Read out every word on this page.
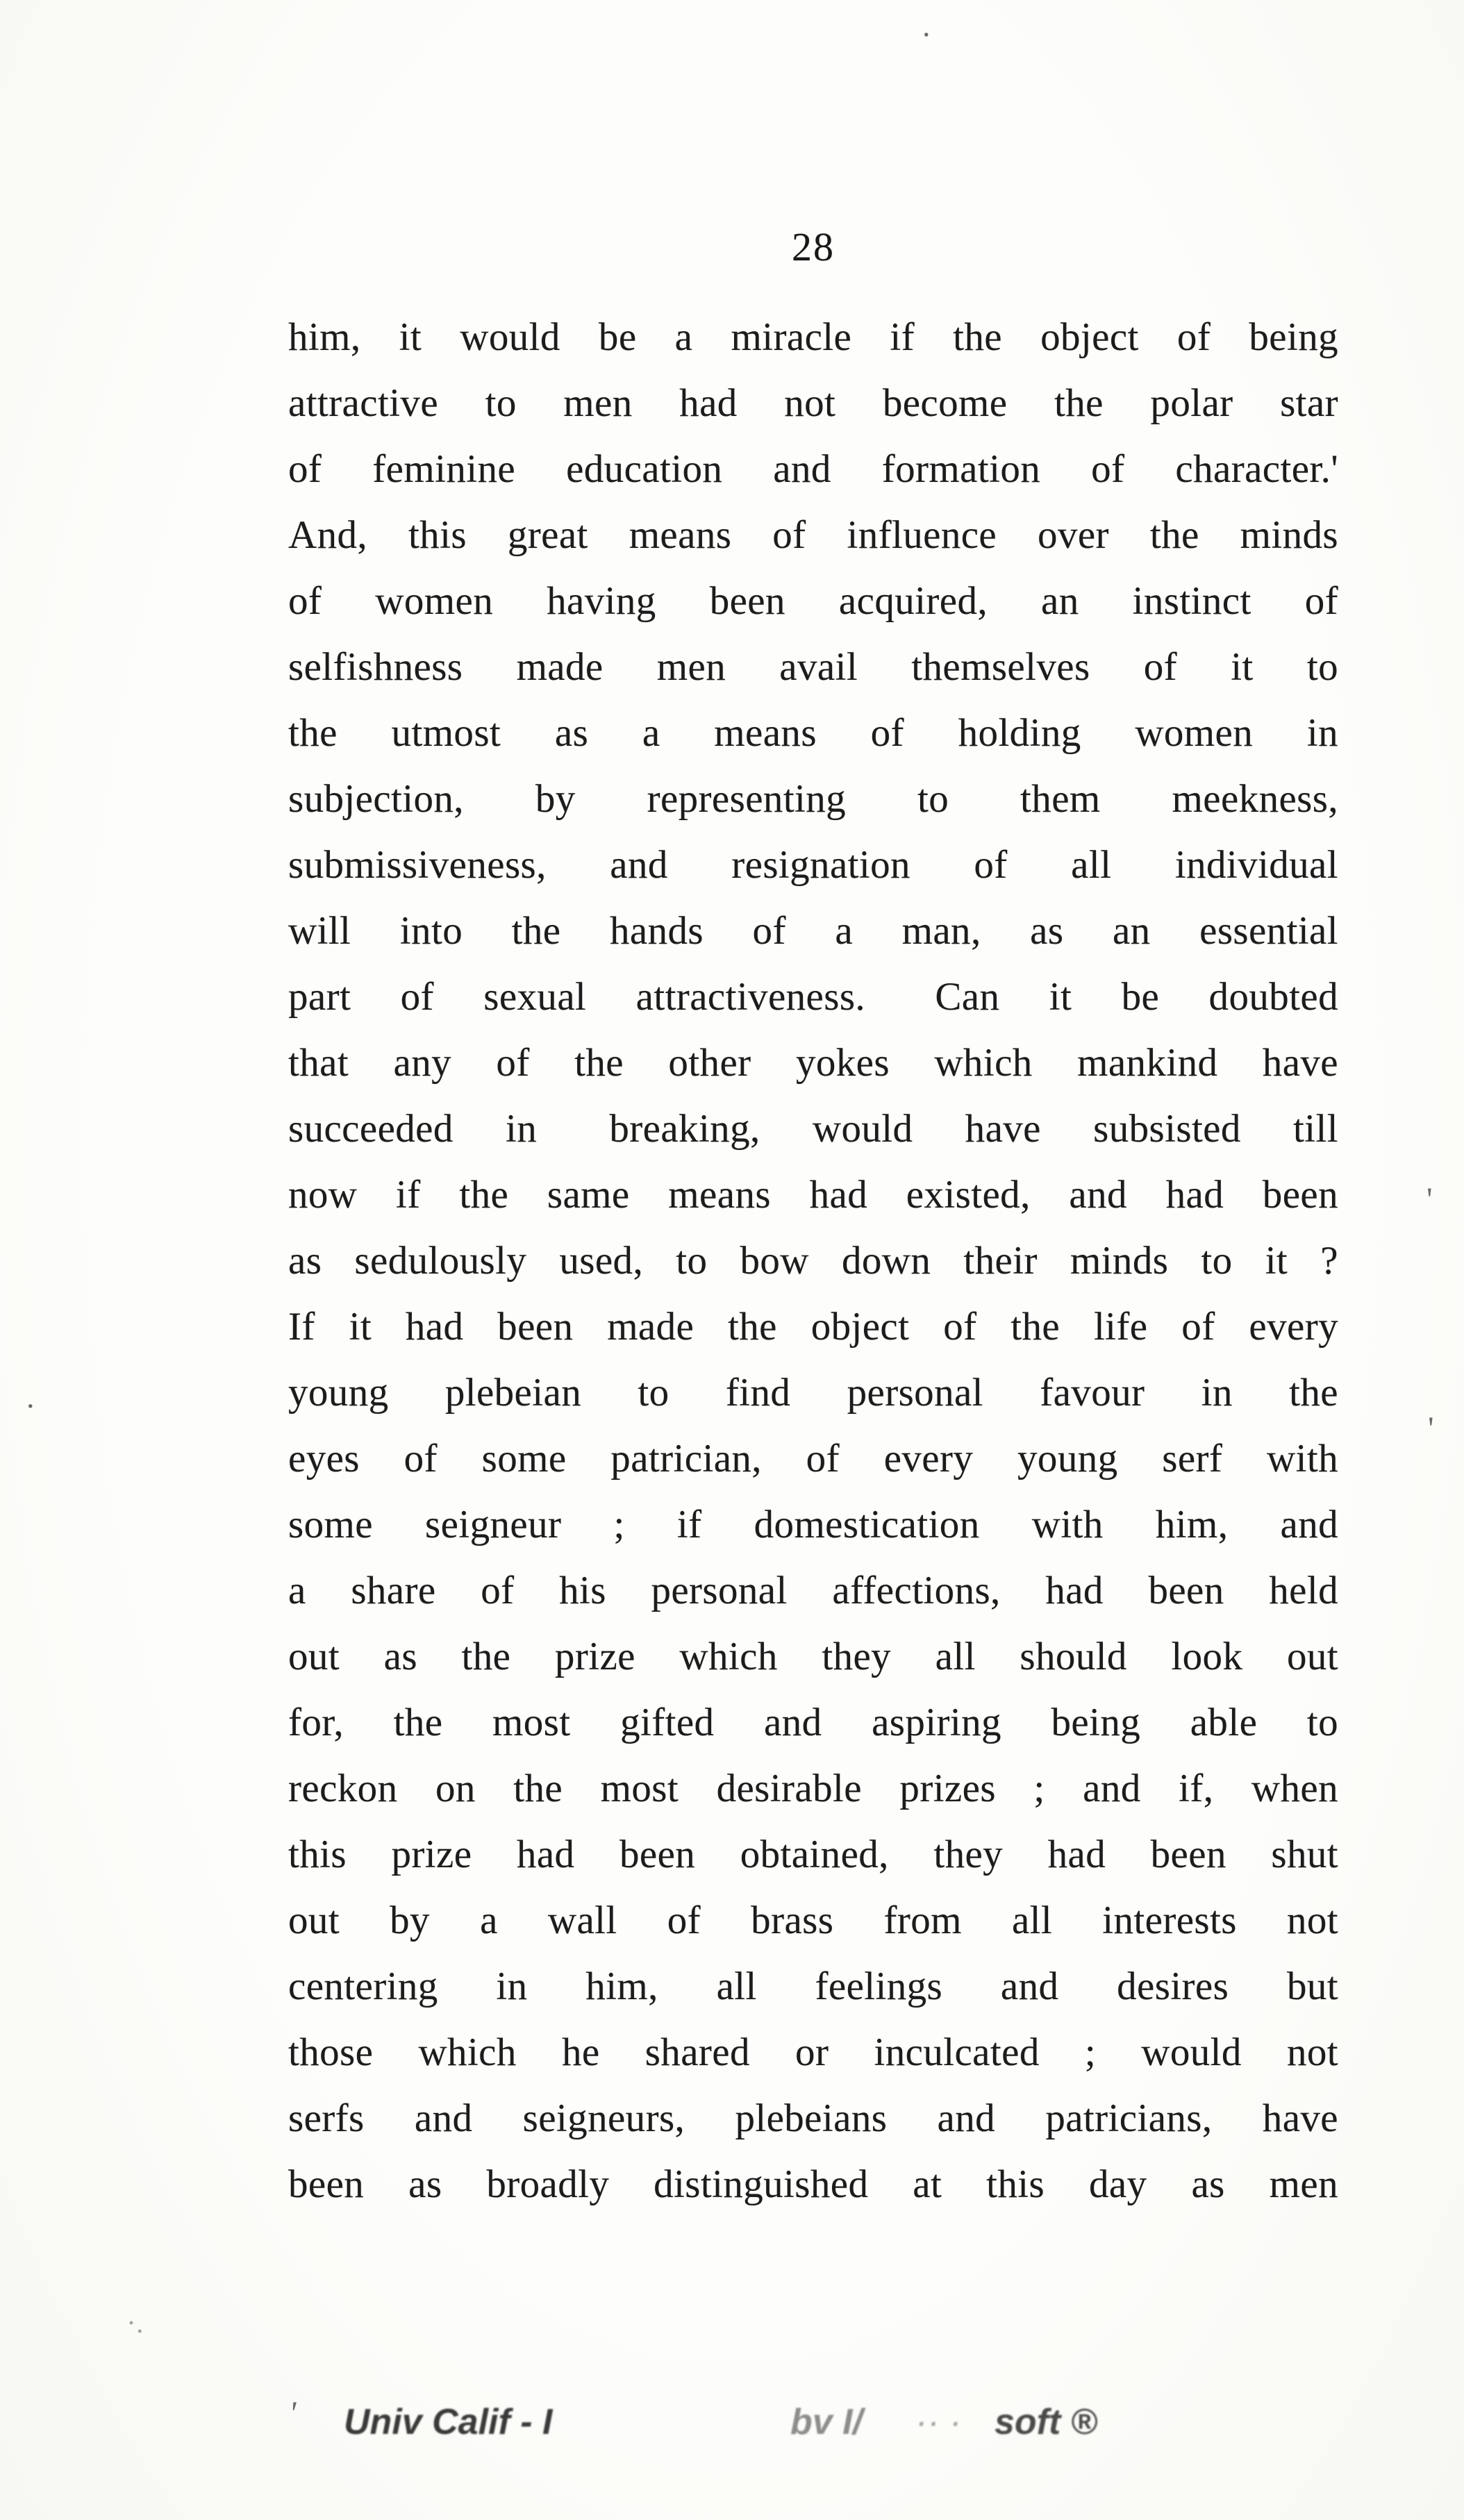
28
him, it would be a miracle if the object of being
attractive to men had not become the polar star
of feminine education and formation of character.'
And, this great means of influence over the minds
of women having been acquired, an instinct of
selfishness made men avail themselves of it to
the utmost as a means of holding women in
subjection, by representing to them meekness,
submissiveness, and resignation of all individual
will into the hands of a man, as an essential
part of sexual attractiveness.  Can it be doubted
that any of the other yokes which mankind have
succeeded in  breaking, would have subsisted till
now if the same means had existed, and had been
as sedulously used, to bow down their minds to it ?
If it had been made the object of the life of every
young plebeian to find personal favour in the
eyes of some patrician, of every young serf with
some seigneur ; if domestication with him, and
a share of his personal affections, had been held
out as the prize which they all should look out
for, the most gifted and aspiring being able to
reckon on the most desirable prizes ; and if, when
this prize had been obtained, they had been shut
out by a wall of brass from all interests not
centering in him, all feelings and desires but
those which he shared or inculcated ; would not
serfs and seigneurs, plebeians and patricians, have
been as broadly distinguished at this day as men
Univ Calif - I	bv I/ ·· · soft ®
.
'
'
.
·.
'
